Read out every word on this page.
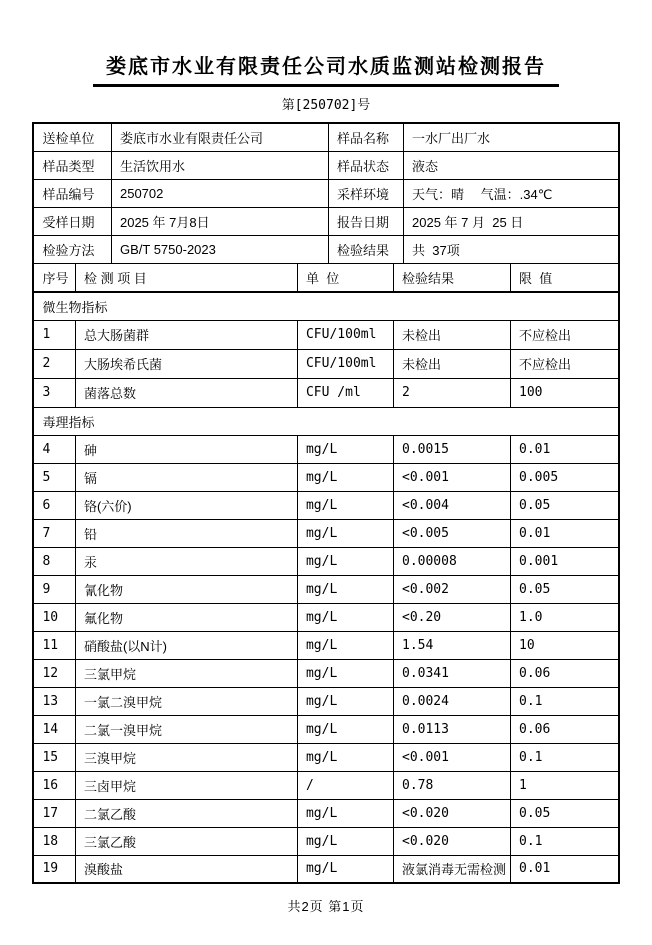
娄底市水业有限责任公司水质监测站检测报告
第[250702]号
送检单位		娄底市水业有限责任公司		样品名称		一水厂出厂水	
样品类型		生活饮用水		样品状态		液态	
样品编号		250702		采样环境		天气：晴　 气温：.34℃	
受样日期		2025 年 7月8日		报告日期		2025 年 7 月  25 日	
检验方法		GB/T 5750-2023		检验结果		共  37项	
序号	检 测 项 目		单  位		检验结果		限  值
微生物指标							
1	总大肠菌群		CFU/100ml		未检出		不应检出
2	大肠埃希氏菌		CFU/100ml		未检出		不应检出
3	菌落总数		CFU /ml		2		100
毒理指标							
4	砷		mg/L		0.0015		0.01
5	镉		mg/L		<0.001		0.005
6	铬(六价)		mg/L		<0.004		0.05
7	铅		mg/L		<0.005		0.01
8	汞		mg/L		0.00008		0.001
9	氰化物		mg/L		<0.002		0.05
10	氟化物		mg/L		<0.20		1.0
11	硝酸盐(以N计)		mg/L		1.54		10
12	三氯甲烷		mg/L		0.0341		0.06
13	一氯二溴甲烷		mg/L		0.0024		0.1
14	二氯一溴甲烷		mg/L		0.0113		0.06
15	三溴甲烷		mg/L		<0.001		0.1
16	三卤甲烷		/		0.78		1
17	二氯乙酸		mg/L		<0.020		0.05
18	三氯乙酸		mg/L		<0.020		0.1
19	溴酸盐		mg/L		液氯消毒无需检测		0.01
共2页 第1页
